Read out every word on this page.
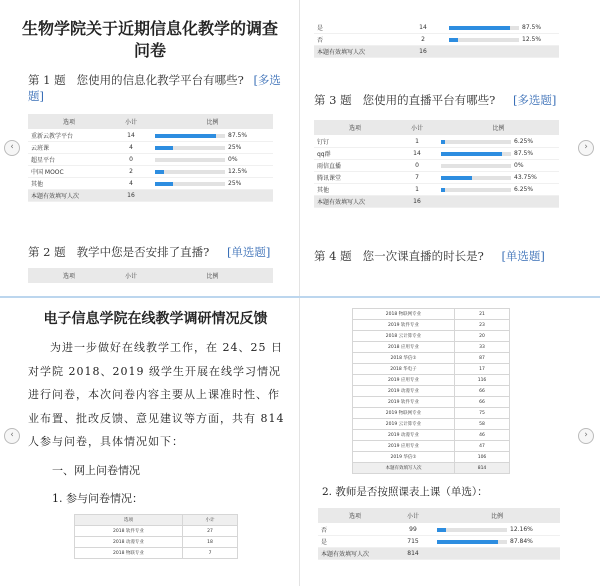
生物学院关于近期信息化教学的调查问卷
第 1 题 您使用的信息化教学平台有哪些? [多选题]
选项	小计	比例
重新云教学平台	14	87.5%
云班课	4	25%
超星平台	0	0%
中国 MOOC	2	12.5%
其他	4	25%
本题有效填写人次	16	
第 2 题 教学中您是否安排了直播? [单选题]
选项	小计	比例
‹
是	14	87.5%
否	2	12.5%
本题有效填写人次	16	
第 3 题 您使用的直播平台有哪些? [多选题]
选项	小计	比例
钉钉	1	6.25%
qq群	14	87.5%
雨信直播	0	0%
腾讯课堂	7	43.75%
其他	1	6.25%
本题有效填写人次	16	
第 4 题 您一次课直播的时长是? [单选题]
›
电子信息学院在线教学调研情况反馈
为进一步做好在线教学工作，在 24、25 日对学院 2018、2019 级学生开展在线学习情况进行问卷，本次问卷内容主要从上课准时性、作业布置、批改反馈、意见建议等方面，共有 814 人参与问卷，具体情况如下：
一、网上问卷情况
1. 参与问卷情况：
选项	小计
2018 软件专业	27
2018 动漫专业	18
2018 物联专业	7
‹
2018 物联网专业	21
2019 软件专业	23
2018 云计算专业	20
2018 应用专业	33
2018 华信①	87
2018 华电子	17
2019 应用专业	116
2019 动漫专业	66
2019 软件专业	66
2019 物联网专业	75
2019 云计算专业	58
2019 动漫专业	46
2019 应用专业	47
2019 华信①	106
本题有效填写人次	814
2. 教师是否按照课表上课（单选）：
选项	小计	比例
否	99	12.16%
是	715	87.84%
本题有效填写人次	814	
›
